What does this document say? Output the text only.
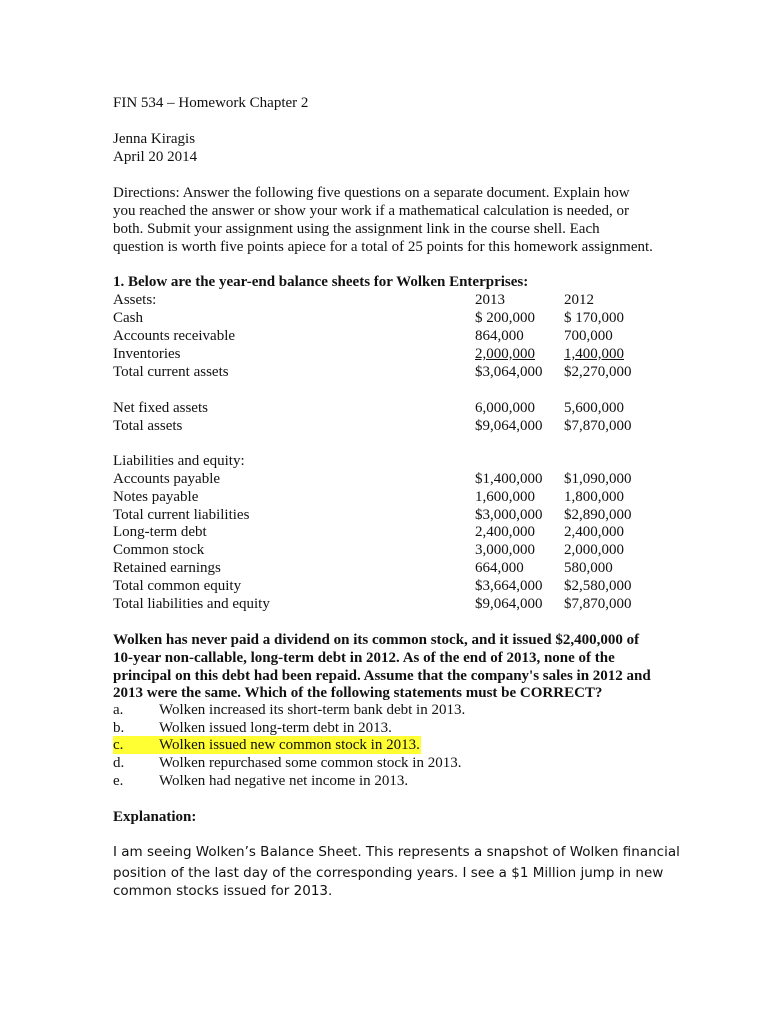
FIN 534 – Homework Chapter 2
Jenna Kiragis
April 20 2014
Directions: Answer the following five questions on a separate document. Explain how
you reached the answer or show your work if a mathematical calculation is needed, or
both. Submit your assignment using the assignment link in the course shell. Each
question is worth five points apiece for a total of 25 points for this homework assignment.
1. Below are the year-end balance sheets for Wolken Enterprises:
Assets:	2013	2012
Cash	$ 200,000 $ 170,000
Accounts receivable	864,000	700,000
Inventories	2,000,000 1,400,000
Total current assets	$3,064,000 $2,270,000
Net fixed assets	6,000,000 5,600,000
Total assets	$9,064,000 $7,870,000
Liabilities and equity:
Accounts payable	$1,400,000 $1,090,000
Notes payable	1,600,000 1,800,000
Total current liabilities	$3,000,000 $2,890,000
Long-term debt	2,400,000 2,400,000
Common stock	3,000,000 2,000,000
Retained earnings	664,000	580,000
Total common equity	$3,664,000 $2,580,000
Total liabilities and equity	$9,064,000 $7,870,000
Wolken has never paid a dividend on its common stock, and it issued $2,400,000 of
10-year non-callable, long-term debt in 2012. As of the end of 2013, none of the
principal on this debt had been repaid. Assume that the company's sales in 2012 and
2013 were the same. Which of the following statements must be CORRECT?
a. Wolken increased its short-term bank debt in 2013.
b. Wolken issued long-term debt in 2013.
c. Wolken issued new common stock in 2013.
d. Wolken repurchased some common stock in 2013.
e. Wolken had negative net income in 2013.
Explanation:
I am seeing Wolken’s Balance Sheet. This represents a snapshot of Wolken financial
position of the last day of the corresponding years. I see a $1 Million jump in new
common stocks issued for 2013.
